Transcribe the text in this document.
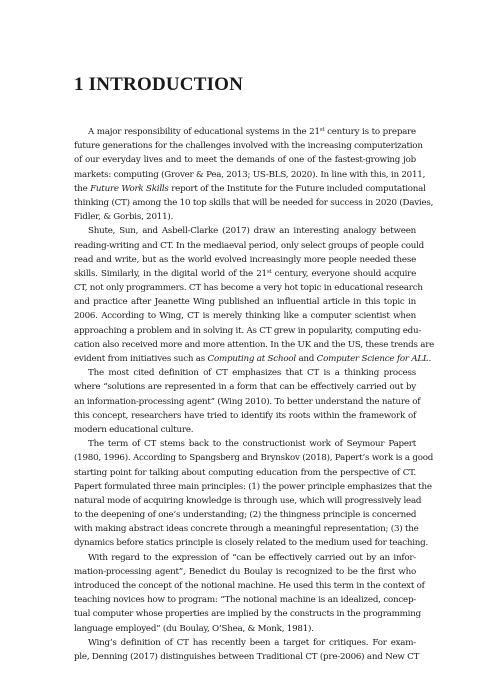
1 INTRODUCTION
A major responsibility of educational systems in the 21st century is to prepare
future generations for the challenges involved with the increasing computerization
of our everyday lives and to meet the demands of one of the fastest-growing job
markets: computing (Grover & Pea, 2013; US-BLS, 2020). In line with this, in 2011,
the Future Work Skills report of the Institute for the Future included computational
thinking (CT) among the 10 top skills that will be needed for success in 2020 (Davies,
Fidler, & Gorbis, 2011).
Shute, Sun, and Asbell-Clarke (2017) draw an interesting analogy between
reading-writing and CT. In the mediaeval period, only select groups of people could
read and write, but as the world evolved increasingly more people needed these
skills. Similarly, in the digital world of the 21st century, everyone should acquire
CT, not only programmers. CT has become a very hot topic in educational research
and practice after Jeanette Wing published an influential article in this topic in
2006. According to Wing, CT is merely thinking like a computer scientist when
approaching a problem and in solving it. As CT grew in popularity, computing edu-
cation also received more and more attention. In the UK and the US, these trends are
evident from initiatives such as Computing at School and Computer Science for ALL.
The most cited definition of CT emphasizes that CT is a thinking process
where “solutions are represented in a form that can be effectively carried out by
an information-processing agent” (Wing 2010). To better understand the nature of
this concept, researchers have tried to identify its roots within the framework of
modern educational culture.
The term of CT stems back to the constructionist work of Seymour Papert
(1980, 1996). According to Spangsberg and Brynskov (2018), Papert’s work is a good
starting point for talking about computing education from the perspective of CT.
Papert formulated three main principles: (1) the power principle emphasizes that the
natural mode of acquiring knowledge is through use, which will progressively lead
to the deepening of one’s understanding; (2) the thingness principle is concerned
with making abstract ideas concrete through a meaningful representation; (3) the
dynamics before statics principle is closely related to the medium used for teaching.
With regard to the expression of “can be effectively carried out by an infor-
mation-processing agent”, Benedict du Boulay is recognized to be the first who
introduced the concept of the notional machine. He used this term in the context of
teaching novices how to program: “The notional machine is an idealized, concep-
tual computer whose properties are implied by the constructs in the programming
language employed” (du Boulay, O’Shea, & Monk, 1981).
Wing’s definition of CT has recently been a target for critiques. For exam-
ple, Denning (2017) distinguishes between Traditional CT (pre-2006) and New CT
